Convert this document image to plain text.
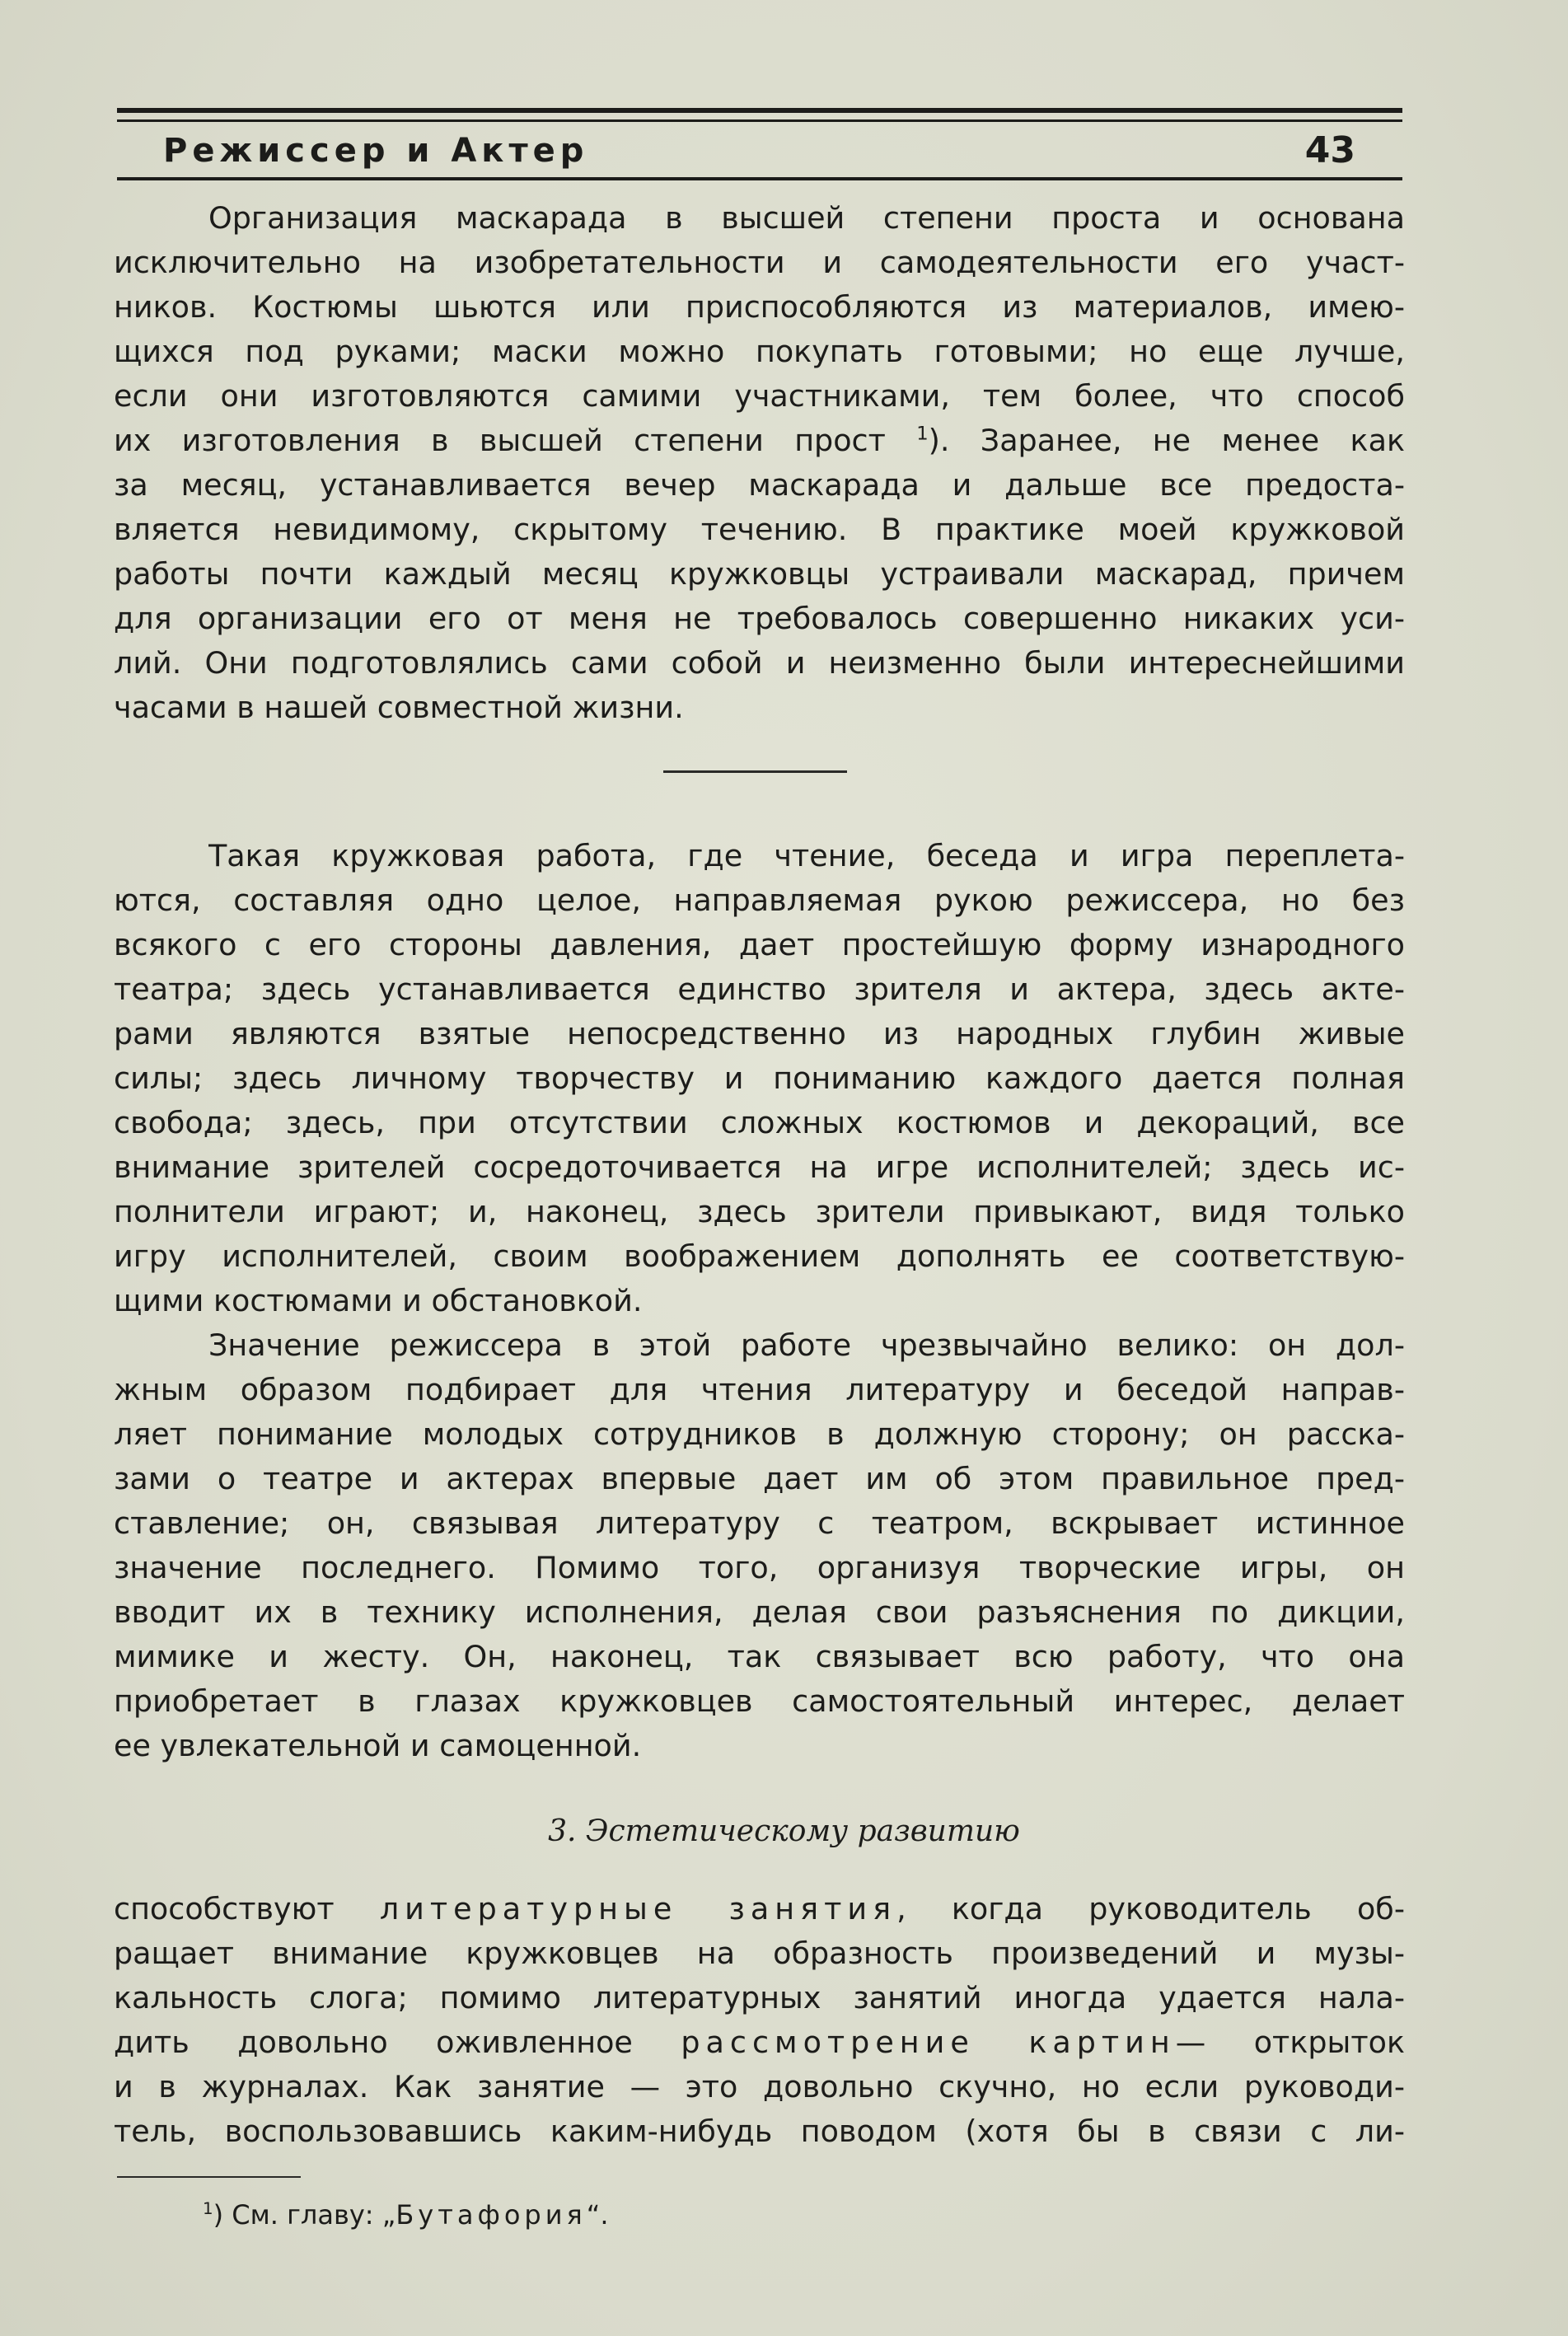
Режиссер и Актер	43
Организация маскарада в высшей степени проста и основана
исключительно на изобретательности и самодеятельности его участ-
ников. Костюмы шьются или приспособляются из материалов, имею-
щихся под руками; маски можно покупать готовыми; но еще лучше,
если они изготовляются самими участниками, тем более, что способ
их изготовления в высшей степени прост $^1$). Заранее, не менее как
за месяц, устанавливается вечер маскарада и дальше все предоста-
вляется невидимому, скрытому течению. В практике моей кружковой
работы почти каждый месяц кружковцы устраивали маскарад, причем
для организации его от меня не требовалось совершенно никаких уси-
лий. Они подготовлялись сами собой и неизменно были интереснейшими
часами в нашей совместной жизни.
Такая кружковая работа, где чтение, беседа и игра переплета-
ются, составляя одно целое, направляемая рукою режиссера, но без
всякого с его стороны давления, дает простейшую форму изнародного
театра; здесь устанавливается единство зрителя и актера, здесь акте-
рами являются взятые непосредственно из народных глубин живые
силы; здесь личному творчеству и пониманию каждого дается полная
свобода; здесь, при отсутствии сложных костюмов и декораций, все
внимание зрителей сосредоточивается на игре исполнителей; здесь ис-
полнители играют; и, наконец, здесь зрители привыкают, видя только
игру исполнителей, своим воображением дополнять ее соответствую-
щими костюмами и обстановкой.
Значение режиссера в этой работе чрезвычайно велико: он дол-
жным образом подбирает для чтения литературу и беседой направ-
ляет понимание молодых сотрудников в должную сторону; он расска-
зами о театре и актерах впервые дает им об этом правильное пред-
ставление; он, связывая литературу с театром, вскрывает истинное
значение последнего. Помимо того, организуя творческие игры, он
вводит их в технику исполнения, делая свои разъяснения по дикции,
мимике и жесту. Он, наконец, так связывает всю работу, что она
приобретает в глазах кружковцев самостоятельный интерес, делает
ее увлекательной и самоценной.
3. Эстетическому развитию
способствуют литературные занятия, когда руководитель об-
ращает внимание кружковцев на образность произведений и музы-
кальность слога; помимо литературных занятий иногда удается нала-
дить довольно оживленное рассмотрение картин— открыток
и в журналах. Как занятие — это довольно скучно, но если руководи-
тель, воспользовавшись каким-нибудь поводом (хотя бы в связи с ли-
$^1$) См. главу: „Бутафория“.
